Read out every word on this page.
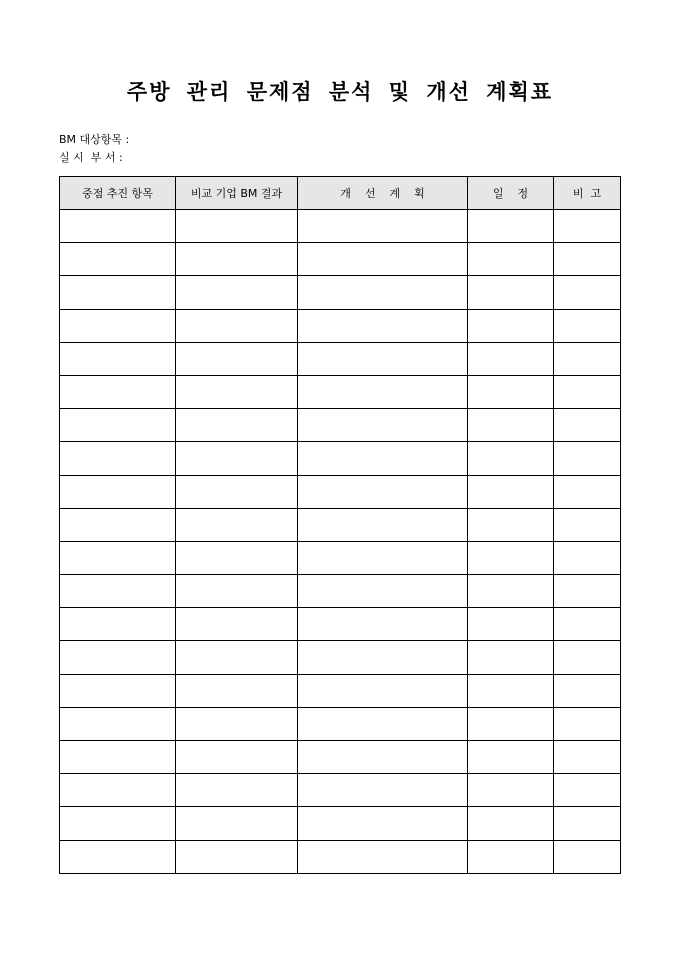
주방 관리 문제점 분석 및 개선 계획표
BM 대상항목 :
실 시  부 서 :
중점 추진 항목	비교 기업 BM 결과	개    선    계    획	일    정	비  고
